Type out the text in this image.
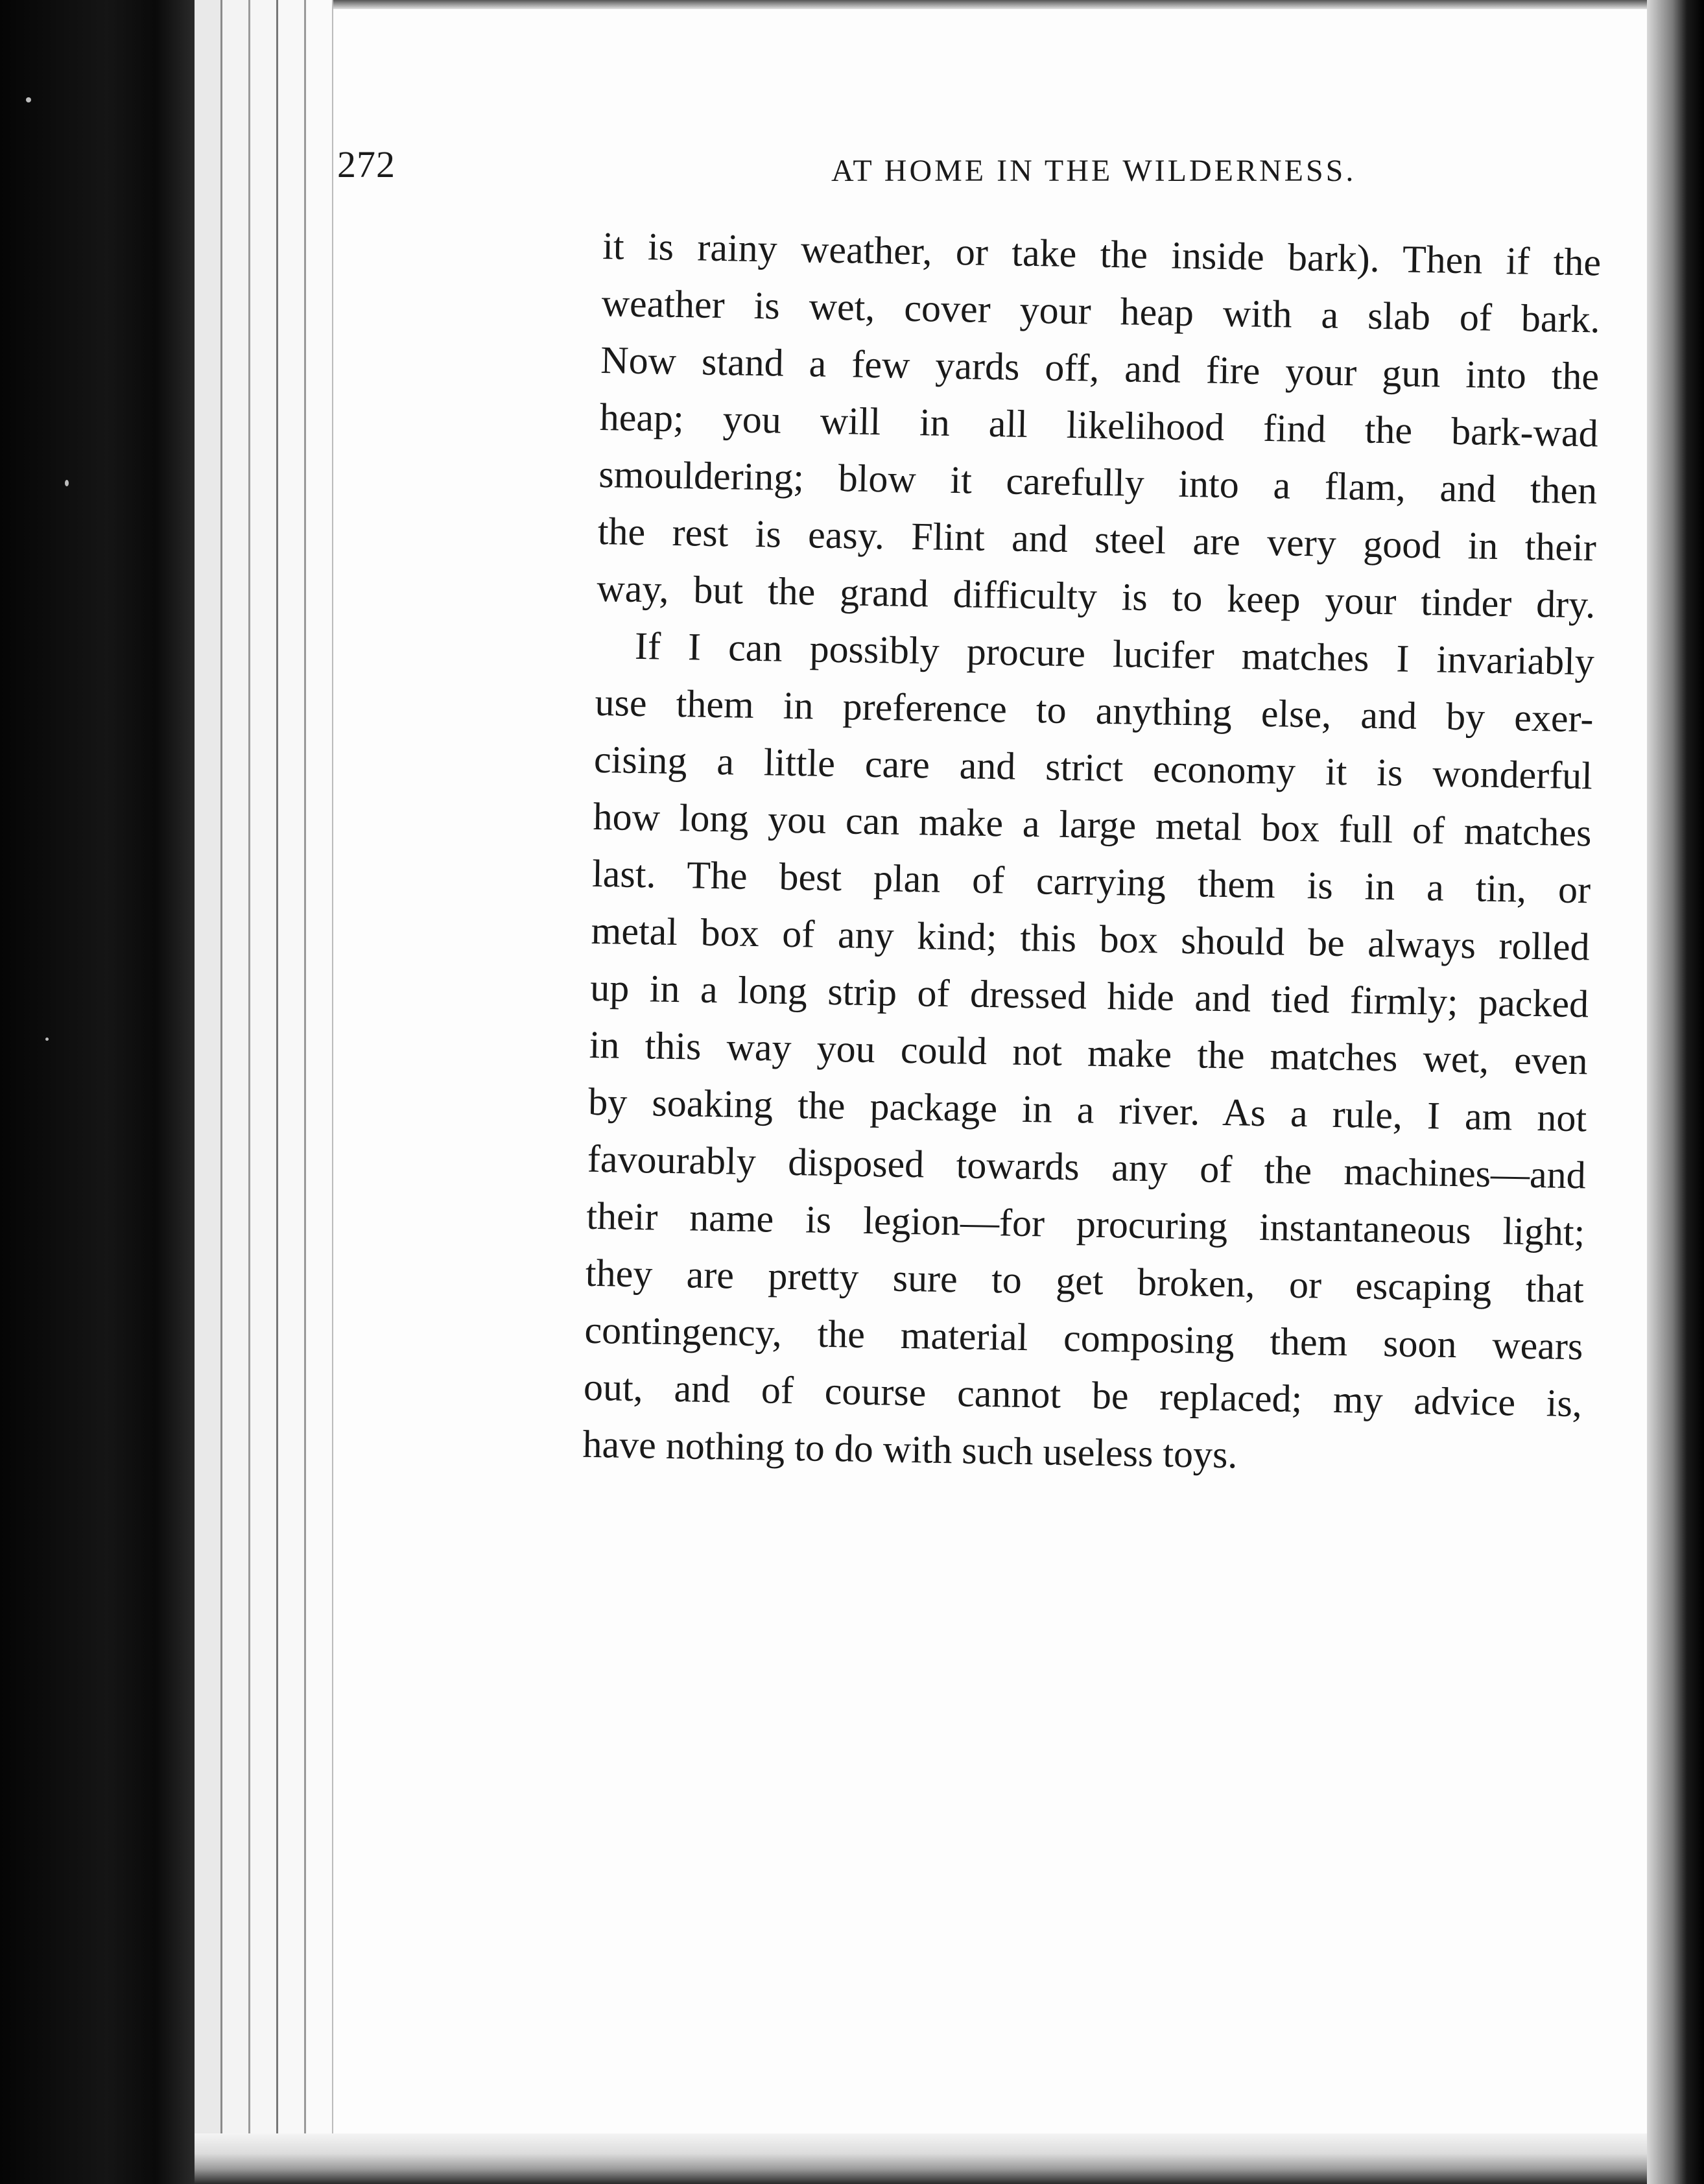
272	AT HOME IN THE WILDERNESS.
it is rainy weather, or take the inside bark). Then if the
weather is wet, cover your heap with a slab of bark.
Now stand a few yards off, and fire your gun into the
heap; you will in all likelihood find the bark-wad
smouldering; blow it carefully into a flam, and then
the rest is easy. Flint and steel are very good in their
way, but the grand difficulty is to keep your tinder dry.
If I can possibly procure lucifer matches I invariably
use them in preference to anything else, and by exer-
cising a little care and strict economy it is wonderful
how long you can make a large metal box full of matches
last. The best plan of carrying them is in a tin, or
metal box of any kind; this box should be always rolled
up in a long strip of dressed hide and tied firmly; packed
in this way you could not make the matches wet, even
by soaking the package in a river. As a rule, I am not
favourably disposed towards any of the machines—and
their name is legion—for procuring instantaneous light;
they are pretty sure to get broken, or escaping that
contingency, the material composing them soon wears
out, and of course cannot be replaced; my advice is,
have nothing to do with such useless toys.
